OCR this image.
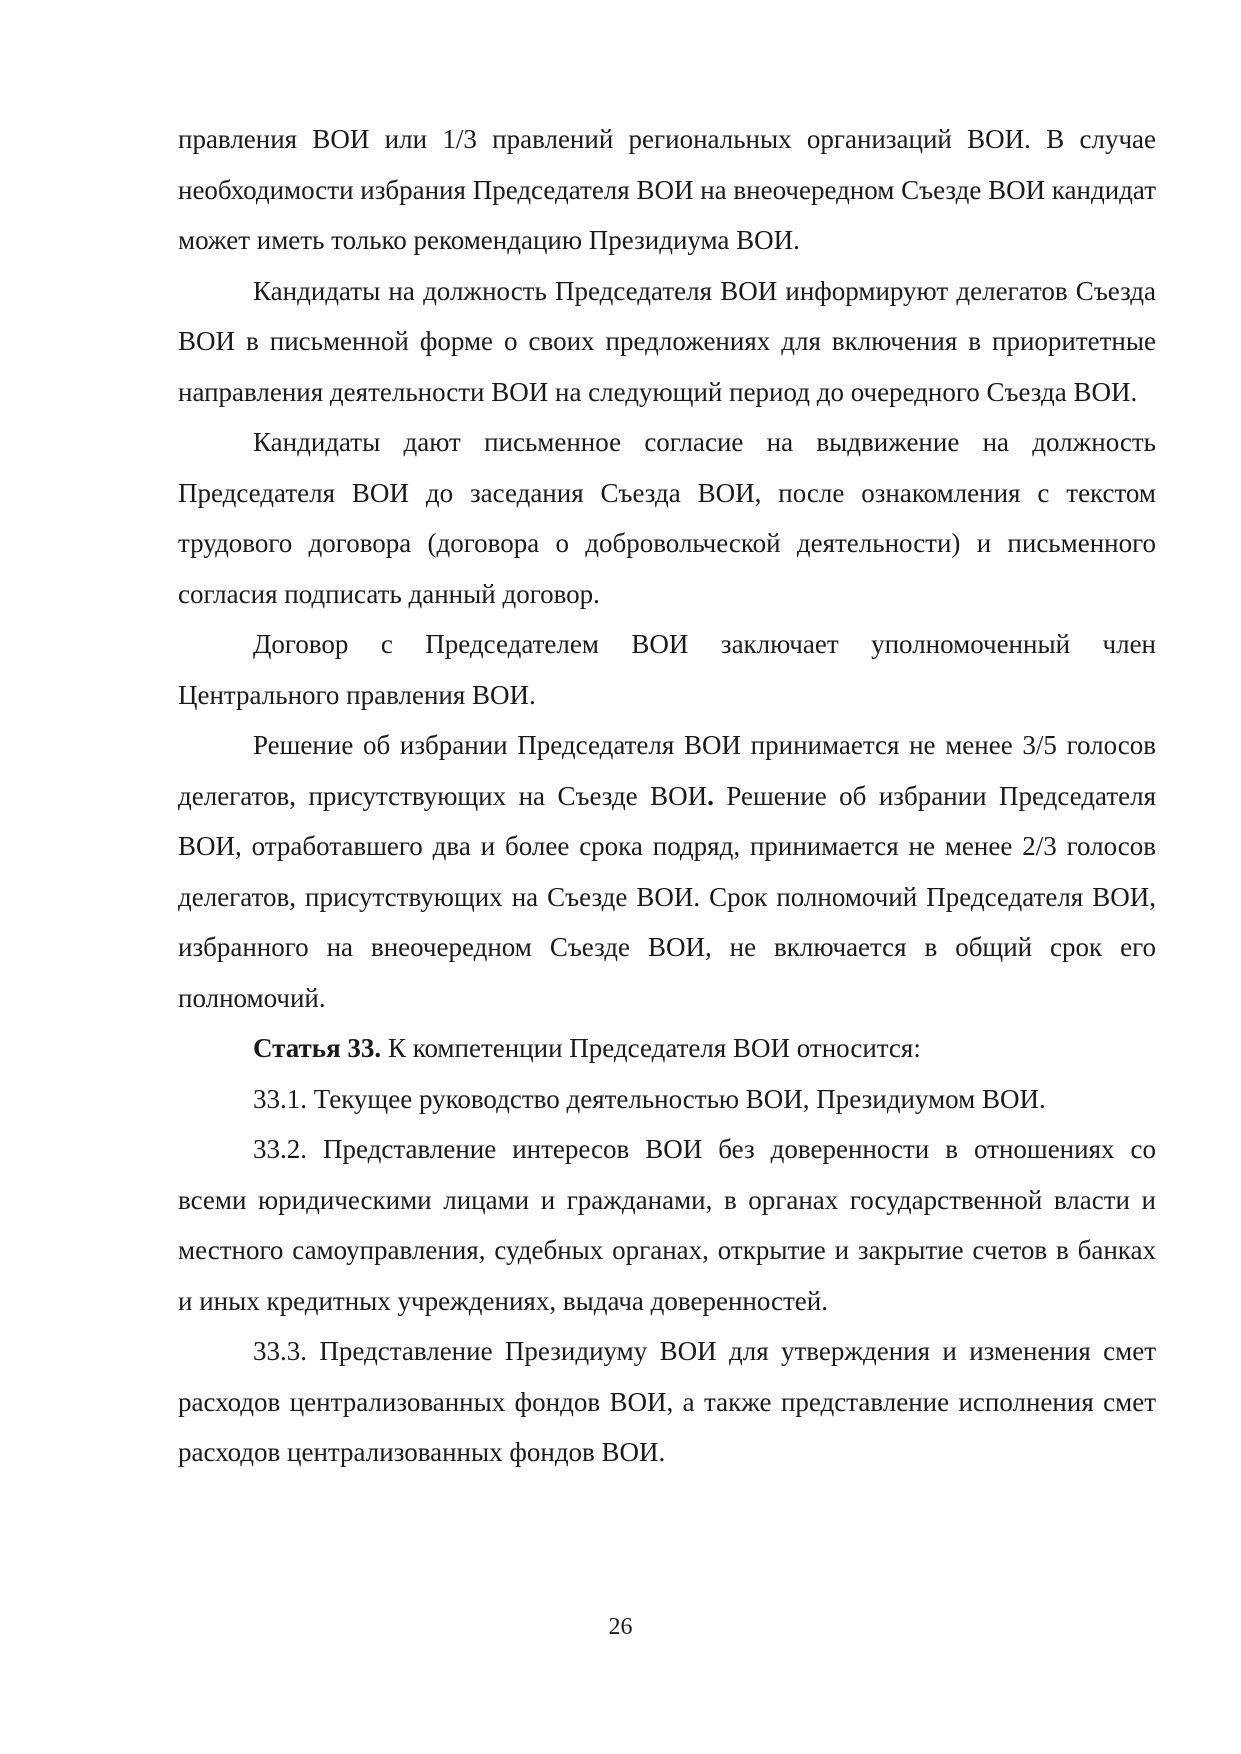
правления ВОИ или 1/3 правлений региональных организаций ВОИ. В случае необходимости избрания Председателя ВОИ на внеочередном Съезде ВОИ кандидат может иметь только рекомендацию Президиума ВОИ.

Кандидаты на должность Председателя ВОИ информируют делегатов Съезда ВОИ в письменной форме о своих предложениях для включения в приоритетные направления деятельности ВОИ на следующий период до очередного Съезда ВОИ.

Кандидаты дают письменное согласие на выдвижение на должность Председателя ВОИ до заседания Съезда ВОИ, после ознакомления с текстом трудового договора (договора о добровольческой деятельности) и письменного согласия подписать данный договор.

Договор с Председателем ВОИ заключает уполномоченный член Центрального правления ВОИ.

Решение об избрании Председателя ВОИ принимается не менее 3/5 голосов делегатов, присутствующих на Съезде ВОИ. Решение об избрании Председателя ВОИ, отработавшего два и более срока подряд, принимается не менее 2/3 голосов делегатов, присутствующих на Съезде ВОИ. Срок полномочий Председателя ВОИ, избранного на внеочередном Съезде ВОИ, не включается в общий срок его полномочий.

Статья 33. К компетенции Председателя ВОИ относится:

33.1. Текущее руководство деятельностью ВОИ, Президиумом ВОИ.

33.2. Представление интересов ВОИ без доверенности в отношениях со всеми юридическими лицами и гражданами, в органах государственной власти и местного самоуправления, судебных органах, открытие и закрытие счетов в банках и иных кредитных учреждениях, выдача доверенностей.

33.3. Представление Президиуму ВОИ для утверждения и изменения смет расходов централизованных фондов ВОИ, а также представление исполнения смет расходов централизованных фондов ВОИ.

26
